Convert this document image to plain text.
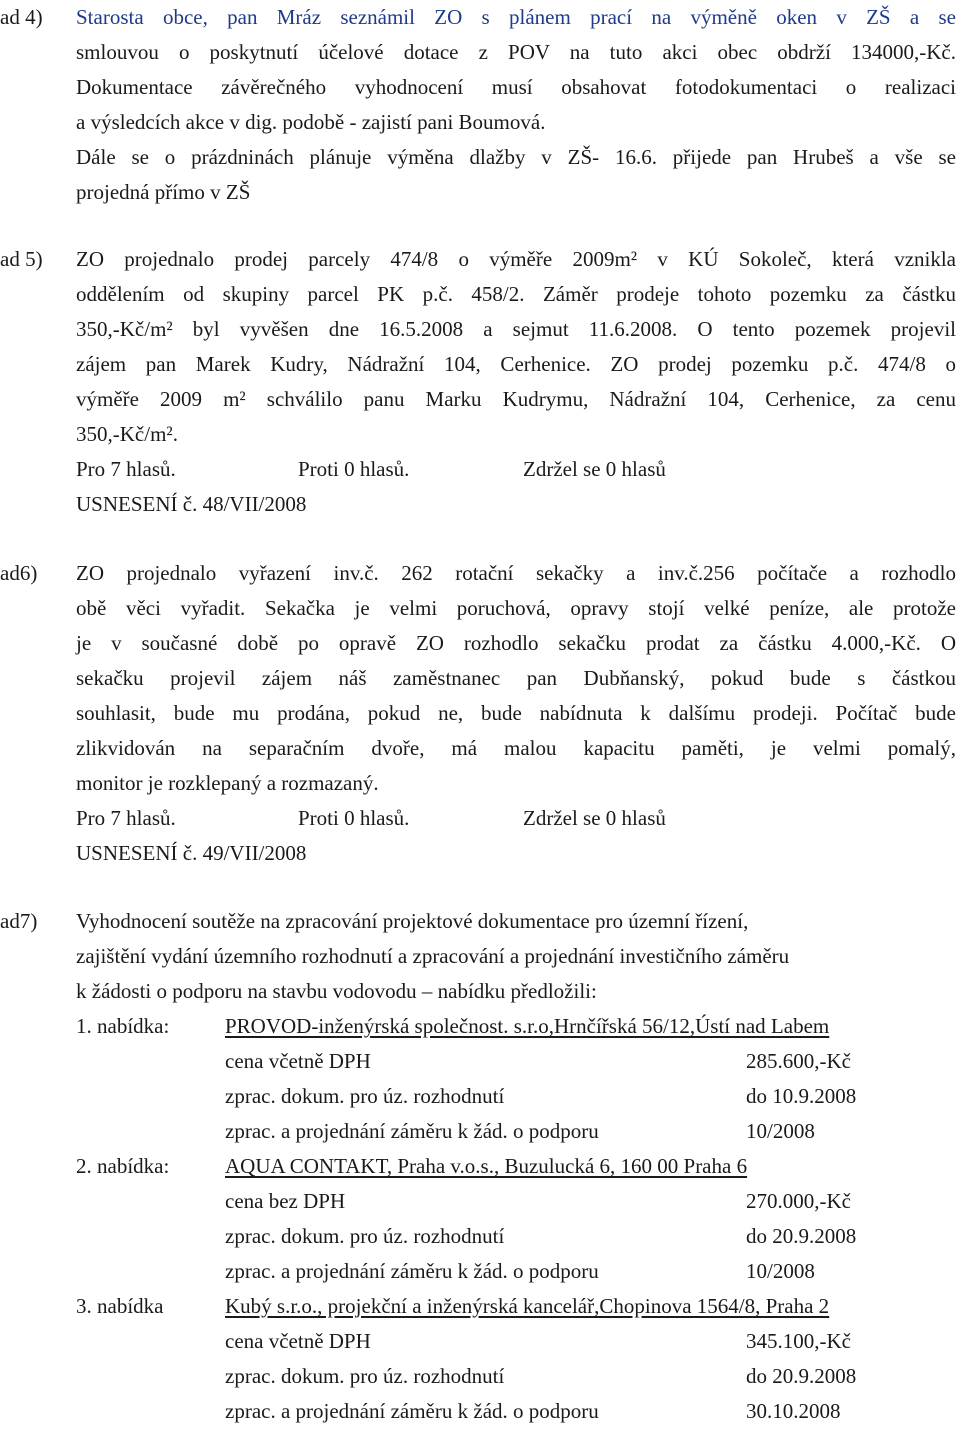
ad 4) Starosta obce, pan Mráz seznámil ZO s plánem prací na výměně oken v ZŠ a se
smlouvou o poskytnutí účelové dotace z POV na tuto akci obec obdrží 134000,-Kč.
Dokumentace závěrečného vyhodnocení musí obsahovat fotodokumentaci o realizaci
a výsledcích akce v dig. podobě - zajistí pani Boumová.
Dále se o prázdninách plánuje výměna dlažby v ZŠ- 16.6. přijede pan Hrubeš a vše se
projedná přímo v ZŠ
ad 5) ZO projednalo prodej parcely 474/8 o výměře 2009m² v KÚ Sokoleč, která vznikla
oddělením od skupiny parcel PK p.č. 458/2. Záměr prodeje tohoto pozemku za částku
350,-Kč/m² byl vyvěšen dne 16.5.2008 a sejmut 11.6.2008. O tento pozemek projevil
zájem pan Marek Kudry, Nádražní 104, Cerhenice. ZO prodej pozemku p.č. 474/8 o
výměře 2009 m² schválilo panu Marku Kudrymu, Nádražní 104, Cerhenice, za cenu
350,-Kč/m².
Pro 7 hlasů.	Proti 0 hlasů.	Zdržel se 0 hlasů
USNESENÍ č. 48/VII/2008
ad6) ZO projednalo vyřazení inv.č. 262 rotační sekačky a inv.č.256 počítače a rozhodlo
obě věci vyřadit. Sekačka je velmi poruchová, opravy stojí velké peníze, ale protože
je v současné době po opravě ZO rozhodlo sekačku prodat za částku 4.000,-Kč. O
sekačku projevil zájem náš zaměstnanec pan Dubňanský, pokud bude s částkou
souhlasit, bude mu prodána, pokud ne, bude nabídnuta k dalšímu prodeji. Počítač bude
zlikvidován na separačním dvoře, má malou kapacitu paměti, je velmi pomalý,
monitor je rozklepaný a rozmazaný.
Pro 7 hlasů.	Proti 0 hlasů.	Zdržel se 0 hlasů
USNESENÍ č. 49/VII/2008
ad7) Vyhodnocení soutěže na zpracování projektové dokumentace pro územní řízení,
zajištění vydání územního rozhodnutí a zpracování a projednání investičního záměru
k žádosti o podporu na stavbu vodovodu – nabídku předložili:
1. nabídka:	PROVOD-inženýrská společnost. s.r.o,Hrnčířská 56/12,Ústí nad Labem
cena včetně DPH	285.600,-Kč
zprac. dokum. pro úz. rozhodnutí	do 10.9.2008
zprac. a projednání záměru k žád. o podporu	10/2008
2. nabídka:	AQUA CONTAKT, Praha v.o.s., Buzulucká 6, 160 00 Praha 6
cena bez DPH	270.000,-Kč
zprac. dokum. pro úz. rozhodnutí	do 20.9.2008
zprac. a projednání záměru k žád. o podporu	10/2008
3. nabídka	Kubý s.r.o., projekční a inženýrská kancelář,Chopinova 1564/8, Praha 2
cena včetně DPH	345.100,-Kč
zprac. dokum. pro úz. rozhodnutí	do 20.9.2008
zprac. a projednání záměru k žád. o podporu	30.10.2008
